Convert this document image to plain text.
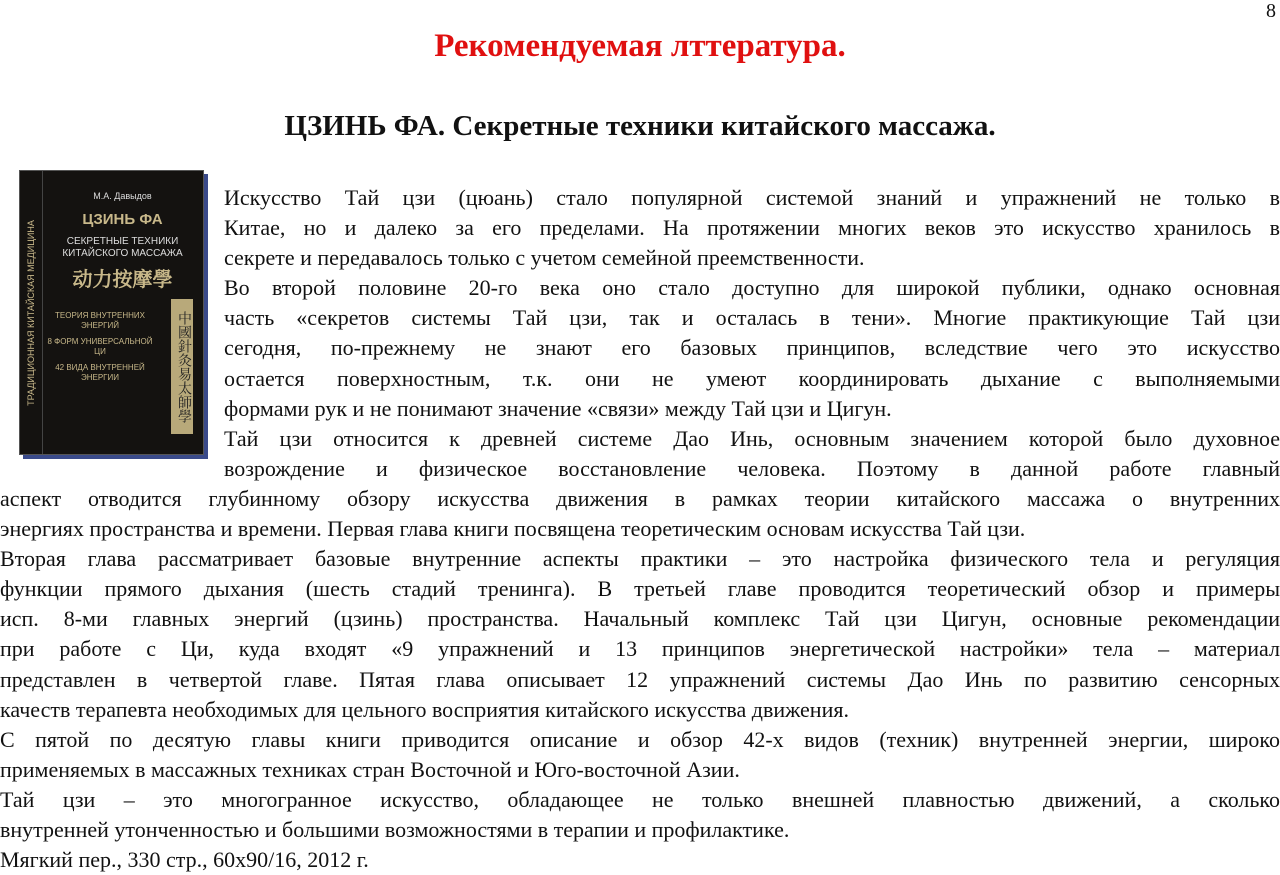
8
Рекомендуемая лттература.
ЦЗИНЬ ФА. Секретные техники китайского массажа.
ТРАДИЦИОННАЯ КИТАЙСКАЯ МЕДИЦИНА
М.А. Давыдов
ЦЗИНЬ ФА
СЕКРЕТНЫЕ ТЕХНИКИ
КИТАЙСКОГО МАССАЖА
动力按摩學
ТЕОРИЯ ВНУТРЕННИХ ЭНЕРГИЙ
8 ФОРМ УНИВЕРСАЛЬНОЙ ЦИ
42 ВИДА ВНУТРЕННЕЙ ЭНЕРГИИ	中國針灸易太師學
Искусство Тай цзи (цюань) стало популярной системой знаний и упражнений не только в
Китае, но и далеко за его пределами. На протяжении многих веков это искусство хранилось в
секрете и передавалось только с учетом семейной преемственности.
Во второй половине 20-го века оно стало доступно для широкой публики, однако основная
часть «секретов системы Тай цзи, так и осталась в тени». Многие практикующие Тай цзи
сегодня, по-прежнему не знают его базовых принципов, вследствие чего это искусство
остается поверхностным, т.к. они не умеют координировать дыхание с выполняемыми
формами рук и не понимают значение «связи» между Тай цзи и Цигун.
Тай цзи относится к древней системе Дао Инь, основным значением которой было духовное
возрождение и физическое восстановление человека. Поэтому в данной работе главный
аспект отводится глубинному обзору искусства движения в рамках теории китайского массажа о внутренних
энергиях пространства и времени. Первая глава книги посвящена теоретическим основам искусства Тай цзи.
Вторая глава рассматривает базовые внутренние аспекты практики – это настройка физического тела и регуляция
функции прямого дыхания (шесть стадий тренинга). В третьей главе проводится теоретический обзор и примеры
исп. 8-ми главных энергий (цзинь) пространства. Начальный комплекс Тай цзи Цигун, основные рекомендации
при работе с Ци, куда входят «9 упражнений и 13 принципов энергетической настройки» тела – материал
представлен в четвертой главе. Пятая глава описывает 12 упражнений системы Дао Инь по развитию сенсорных
качеств терапевта необходимых для цельного восприятия китайского искусства движения.
С пятой по десятую главы книги приводится описание и обзор 42-х видов (техник) внутренней энергии, широко
применяемых в массажных техниках стран Восточной и Юго-восточной Азии.
Тай цзи – это многогранное искусство, обладающее не только внешней плавностью движений, а сколько
внутренней утонченностью и большими возможностями в терапии и профилактике.
Мягкий пер., 330 стр., 60х90/16, 2012 г.
